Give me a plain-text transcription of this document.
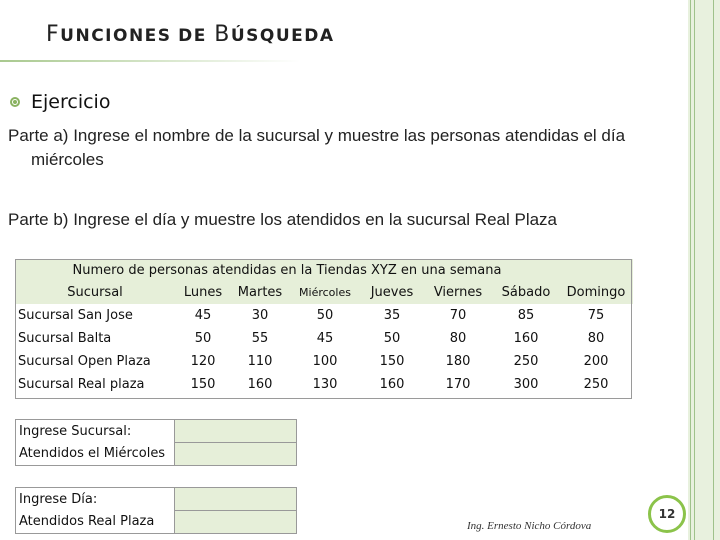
FUNCIONES DE BÚSQUEDA
Ejercicio
Parte a) Ingrese el nombre de la sucursal y muestre las personas atendidas el día
miércoles
Parte b) Ingrese el día y muestre los atendidos en la sucursal Real Plaza
Numero de personas atendidas en la Tiendas XYZ en una semana							
Sucursal	Lunes	Martes	Miércoles	Jueves	Viernes	Sábado	Domingo
Sucursal San Jose	45	30	50	35	70	85	75
Sucursal Balta	50	55	45	50	80	160	80
Sucursal Open Plaza	120	110	100	150	180	250	200
Sucursal Real plaza	150	160	130	160	170	300	250
Ingrese Sucursal:	
Atendidos el Miércoles	
Ingrese Día:	
Atendidos Real Plaza	
12
Ing. Ernesto Nicho Córdova
